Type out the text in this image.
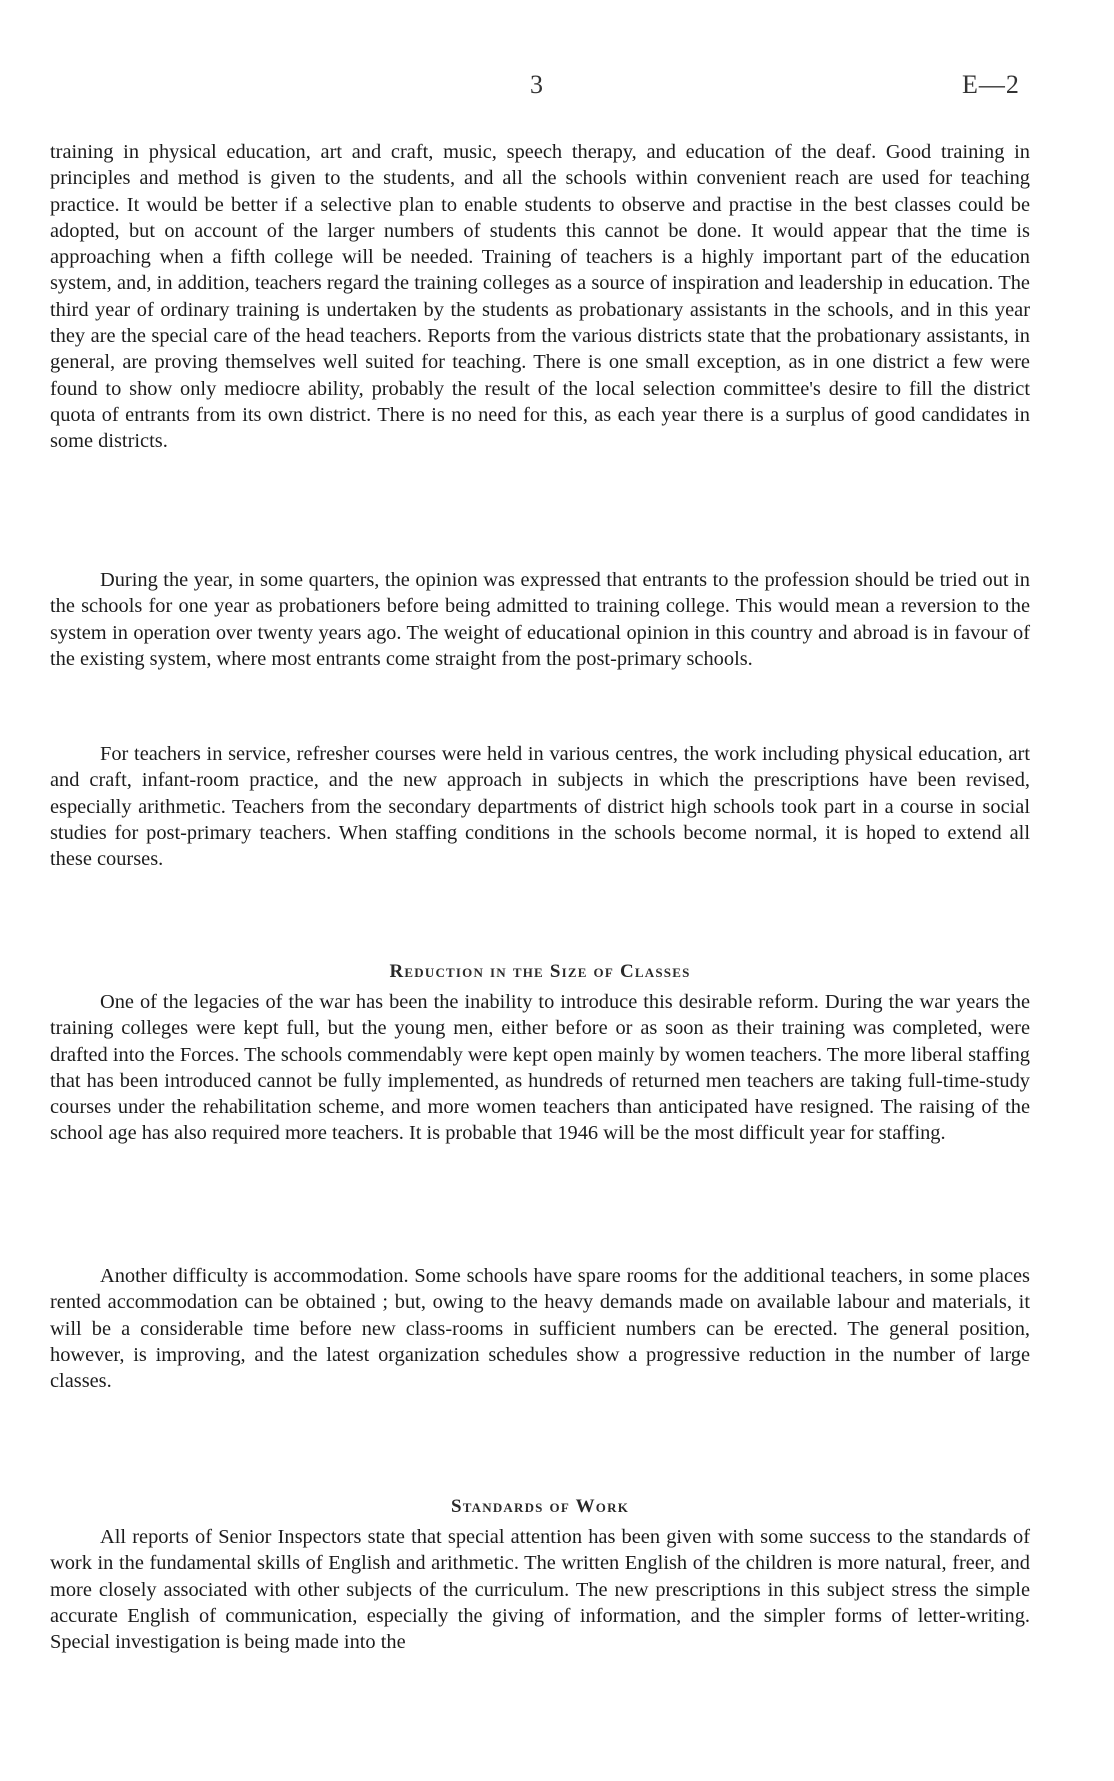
3	E—2

training in physical education, art and craft, music, speech therapy, and education of the deaf. Good training in principles and method is given to the students, and all the schools within convenient reach are used for teaching practice. It would be better if a selective plan to enable students to observe and practise in the best classes could be adopted, but on account of the larger numbers of students this cannot be done. It would appear that the time is approaching when a fifth college will be needed. Training of teachers is a highly important part of the education system, and, in addition, teachers regard the training colleges as a source of inspiration and leadership in education. The third year of ordinary training is undertaken by the students as probationary assistants in the schools, and in this year they are the special care of the head teachers. Reports from the various districts state that the probationary assistants, in general, are proving themselves well suited for teaching. There is one small exception, as in one district a few were found to show only mediocre ability, probably the result of the local selection committee's desire to fill the district quota of entrants from its own district. There is no need for this, as each year there is a surplus of good candidates in some districts.

During the year, in some quarters, the opinion was expressed that entrants to the profession should be tried out in the schools for one year as probationers before being admitted to training college. This would mean a reversion to the system in operation over twenty years ago. The weight of educational opinion in this country and abroad is in favour of the existing system, where most entrants come straight from the post-primary schools.

For teachers in service, refresher courses were held in various centres, the work including physical education, art and craft, infant-room practice, and the new approach in subjects in which the prescriptions have been revised, especially arithmetic. Teachers from the secondary departments of district high schools took part in a course in social studies for post-primary teachers. When staffing conditions in the schools become normal, it is hoped to extend all these courses.

Reduction in the Size of Classes

One of the legacies of the war has been the inability to introduce this desirable reform. During the war years the training colleges were kept full, but the young men, either before or as soon as their training was completed, were drafted into the Forces. The schools commendably were kept open mainly by women teachers. The more liberal staffing that has been introduced cannot be fully implemented, as hundreds of returned men teachers are taking full-time-study courses under the rehabilitation scheme, and more women teachers than anticipated have resigned. The raising of the school age has also required more teachers. It is probable that 1946 will be the most difficult year for staffing.

Another difficulty is accommodation. Some schools have spare rooms for the additional teachers, in some places rented accommodation can be obtained ; but, owing to the heavy demands made on available labour and materials, it will be a considerable time before new class-rooms in sufficient numbers can be erected. The general position, however, is improving, and the latest organization schedules show a progressive reduction in the number of large classes.

Standards of Work

All reports of Senior Inspectors state that special attention has been given with some success to the standards of work in the fundamental skills of English and arithmetic. The written English of the children is more natural, freer, and more closely associated with other subjects of the curriculum. The new prescriptions in this subject stress the simple accurate English of communication, especially the giving of information, and the simpler forms of letter-writing. Special investigation is being made into the
